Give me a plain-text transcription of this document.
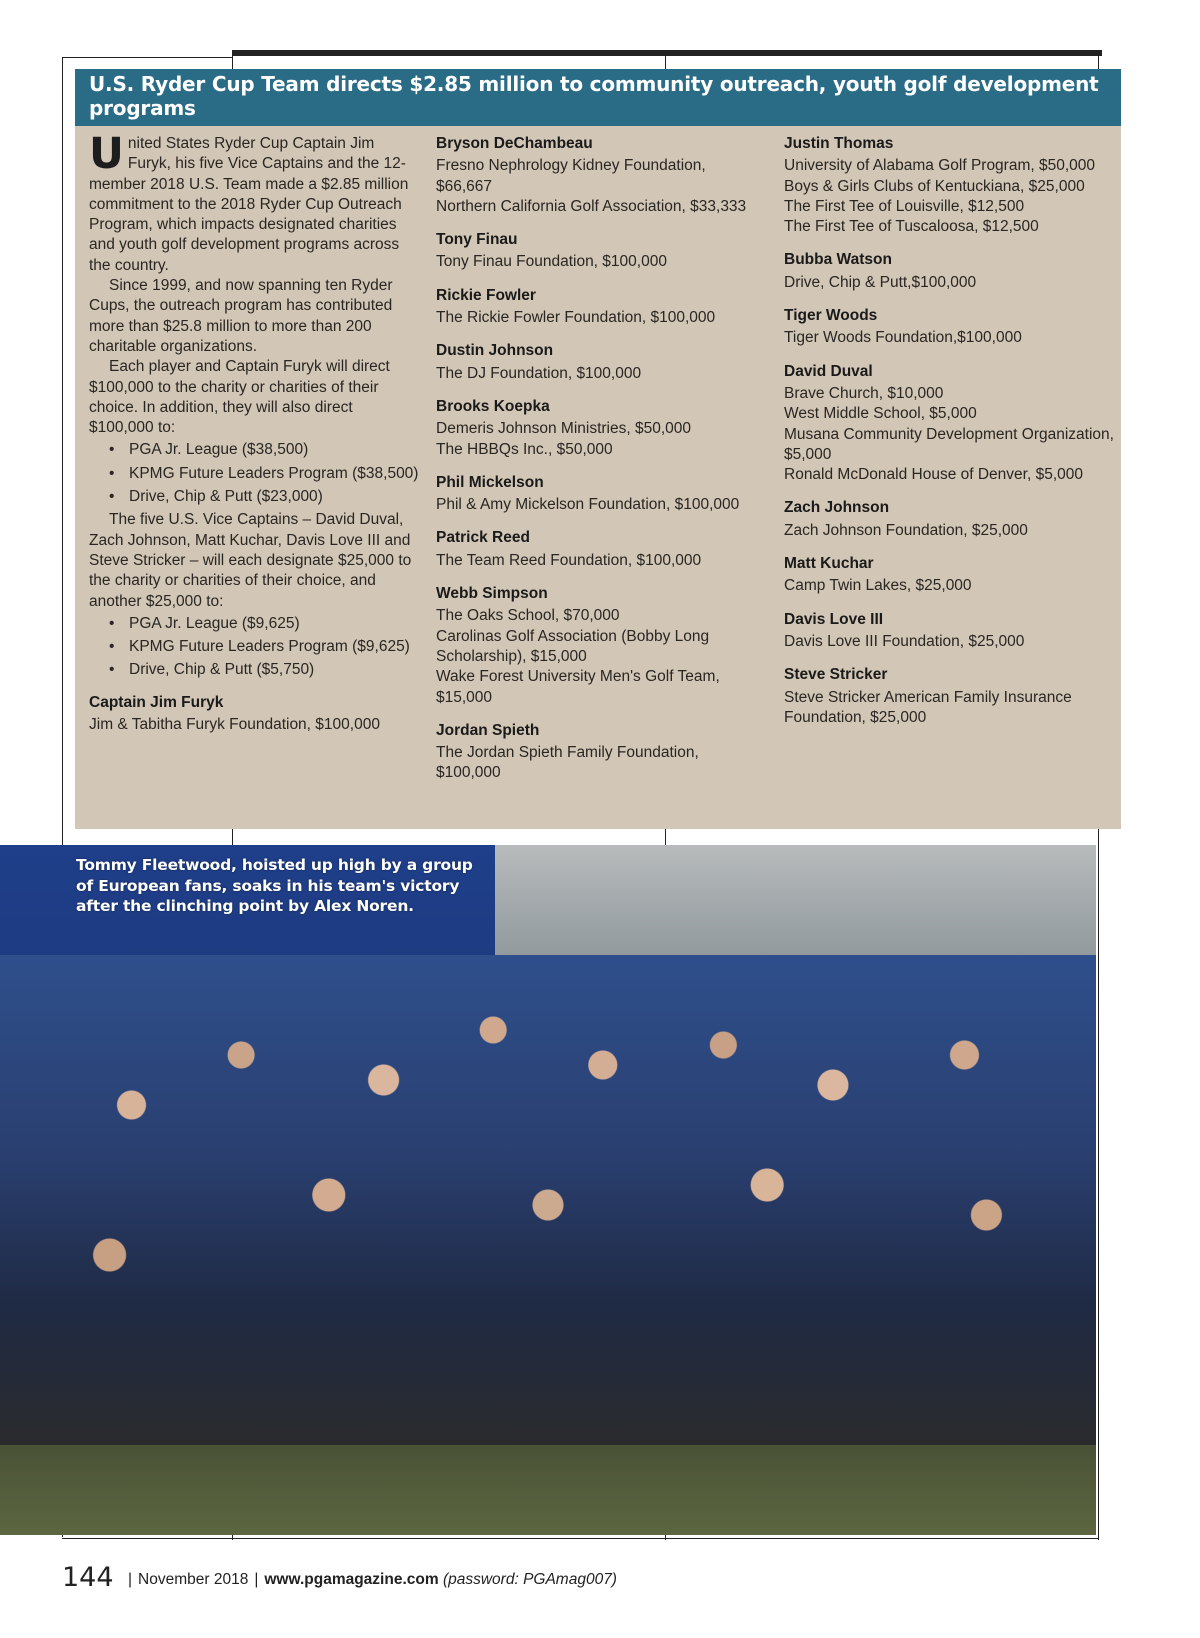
U.S. Ryder Cup Team directs $2.85 million to community outreach, youth golf development programs

United States Ryder Cup Captain Jim Furyk, his five Vice Captains and the 12-member 2018 U.S. Team made a $2.85 million commitment to the 2018 Ryder Cup Outreach Program, which impacts designated charities and youth golf development programs across the country.

Since 1999, and now spanning ten Ryder Cups, the outreach program has contributed more than $25.8 million to more than 200 charitable organizations.

Each player and Captain Furyk will direct $100,000 to the charity or charities of their choice. In addition, they will also direct $100,000 to:

• PGA Jr. League ($38,500)
• KPMG Future Leaders Program ($38,500)
• Drive, Chip & Putt ($23,000)

The five U.S. Vice Captains – David Duval, Zach Johnson, Matt Kuchar, Davis Love III and Steve Stricker – will each designate $25,000 to the charity or charities of their choice, and another $25,000 to:

• PGA Jr. League ($9,625)
• KPMG Future Leaders Program ($9,625)
• Drive, Chip & Putt ($5,750)
Captain Jim Furyk
Jim & Tabitha Furyk Foundation, $100,000
Bryson DeChambeau
Fresno Nephrology Kidney Foundation, $66,667
Northern California Golf Association, $33,333
Tony Finau
Tony Finau Foundation, $100,000
Rickie Fowler
The Rickie Fowler Foundation, $100,000
Dustin Johnson
The DJ Foundation, $100,000
Brooks Koepka
Demeris Johnson Ministries, $50,000
The HBBQs Inc., $50,000
Phil Mickelson
Phil & Amy Mickelson Foundation, $100,000
Patrick Reed
The Team Reed Foundation, $100,000
Webb Simpson
The Oaks School, $70,000
Carolinas Golf Association (Bobby Long Scholarship), $15,000
Wake Forest University Men's Golf Team, $15,000
Jordan Spieth
The Jordan Spieth Family Foundation, $100,000
Justin Thomas
University of Alabama Golf Program, $50,000
Boys & Girls Clubs of Kentuckiana, $25,000
The First Tee of Louisville, $12,500
The First Tee of Tuscaloosa, $12,500
Bubba Watson
Drive, Chip & Putt,$100,000
Tiger Woods
Tiger Woods Foundation,$100,000
David Duval
Brave Church, $10,000
West Middle School, $5,000
Musana Community Development Organization, $5,000
Ronald McDonald House of Denver, $5,000
Zach Johnson
Zach Johnson Foundation, $25,000
Matt Kuchar
Camp Twin Lakes, $25,000
Davis Love III
Davis Love III Foundation, $25,000
Steve Stricker
Steve Stricker American Family Insurance Foundation, $25,000
Tommy Fleetwood, hoisted up high by a group of European fans, soaks in his team's victory after the clinching point by Alex Noren.
144 | November 2018 | www.pgamagazine.com (password: PGAmag007)
